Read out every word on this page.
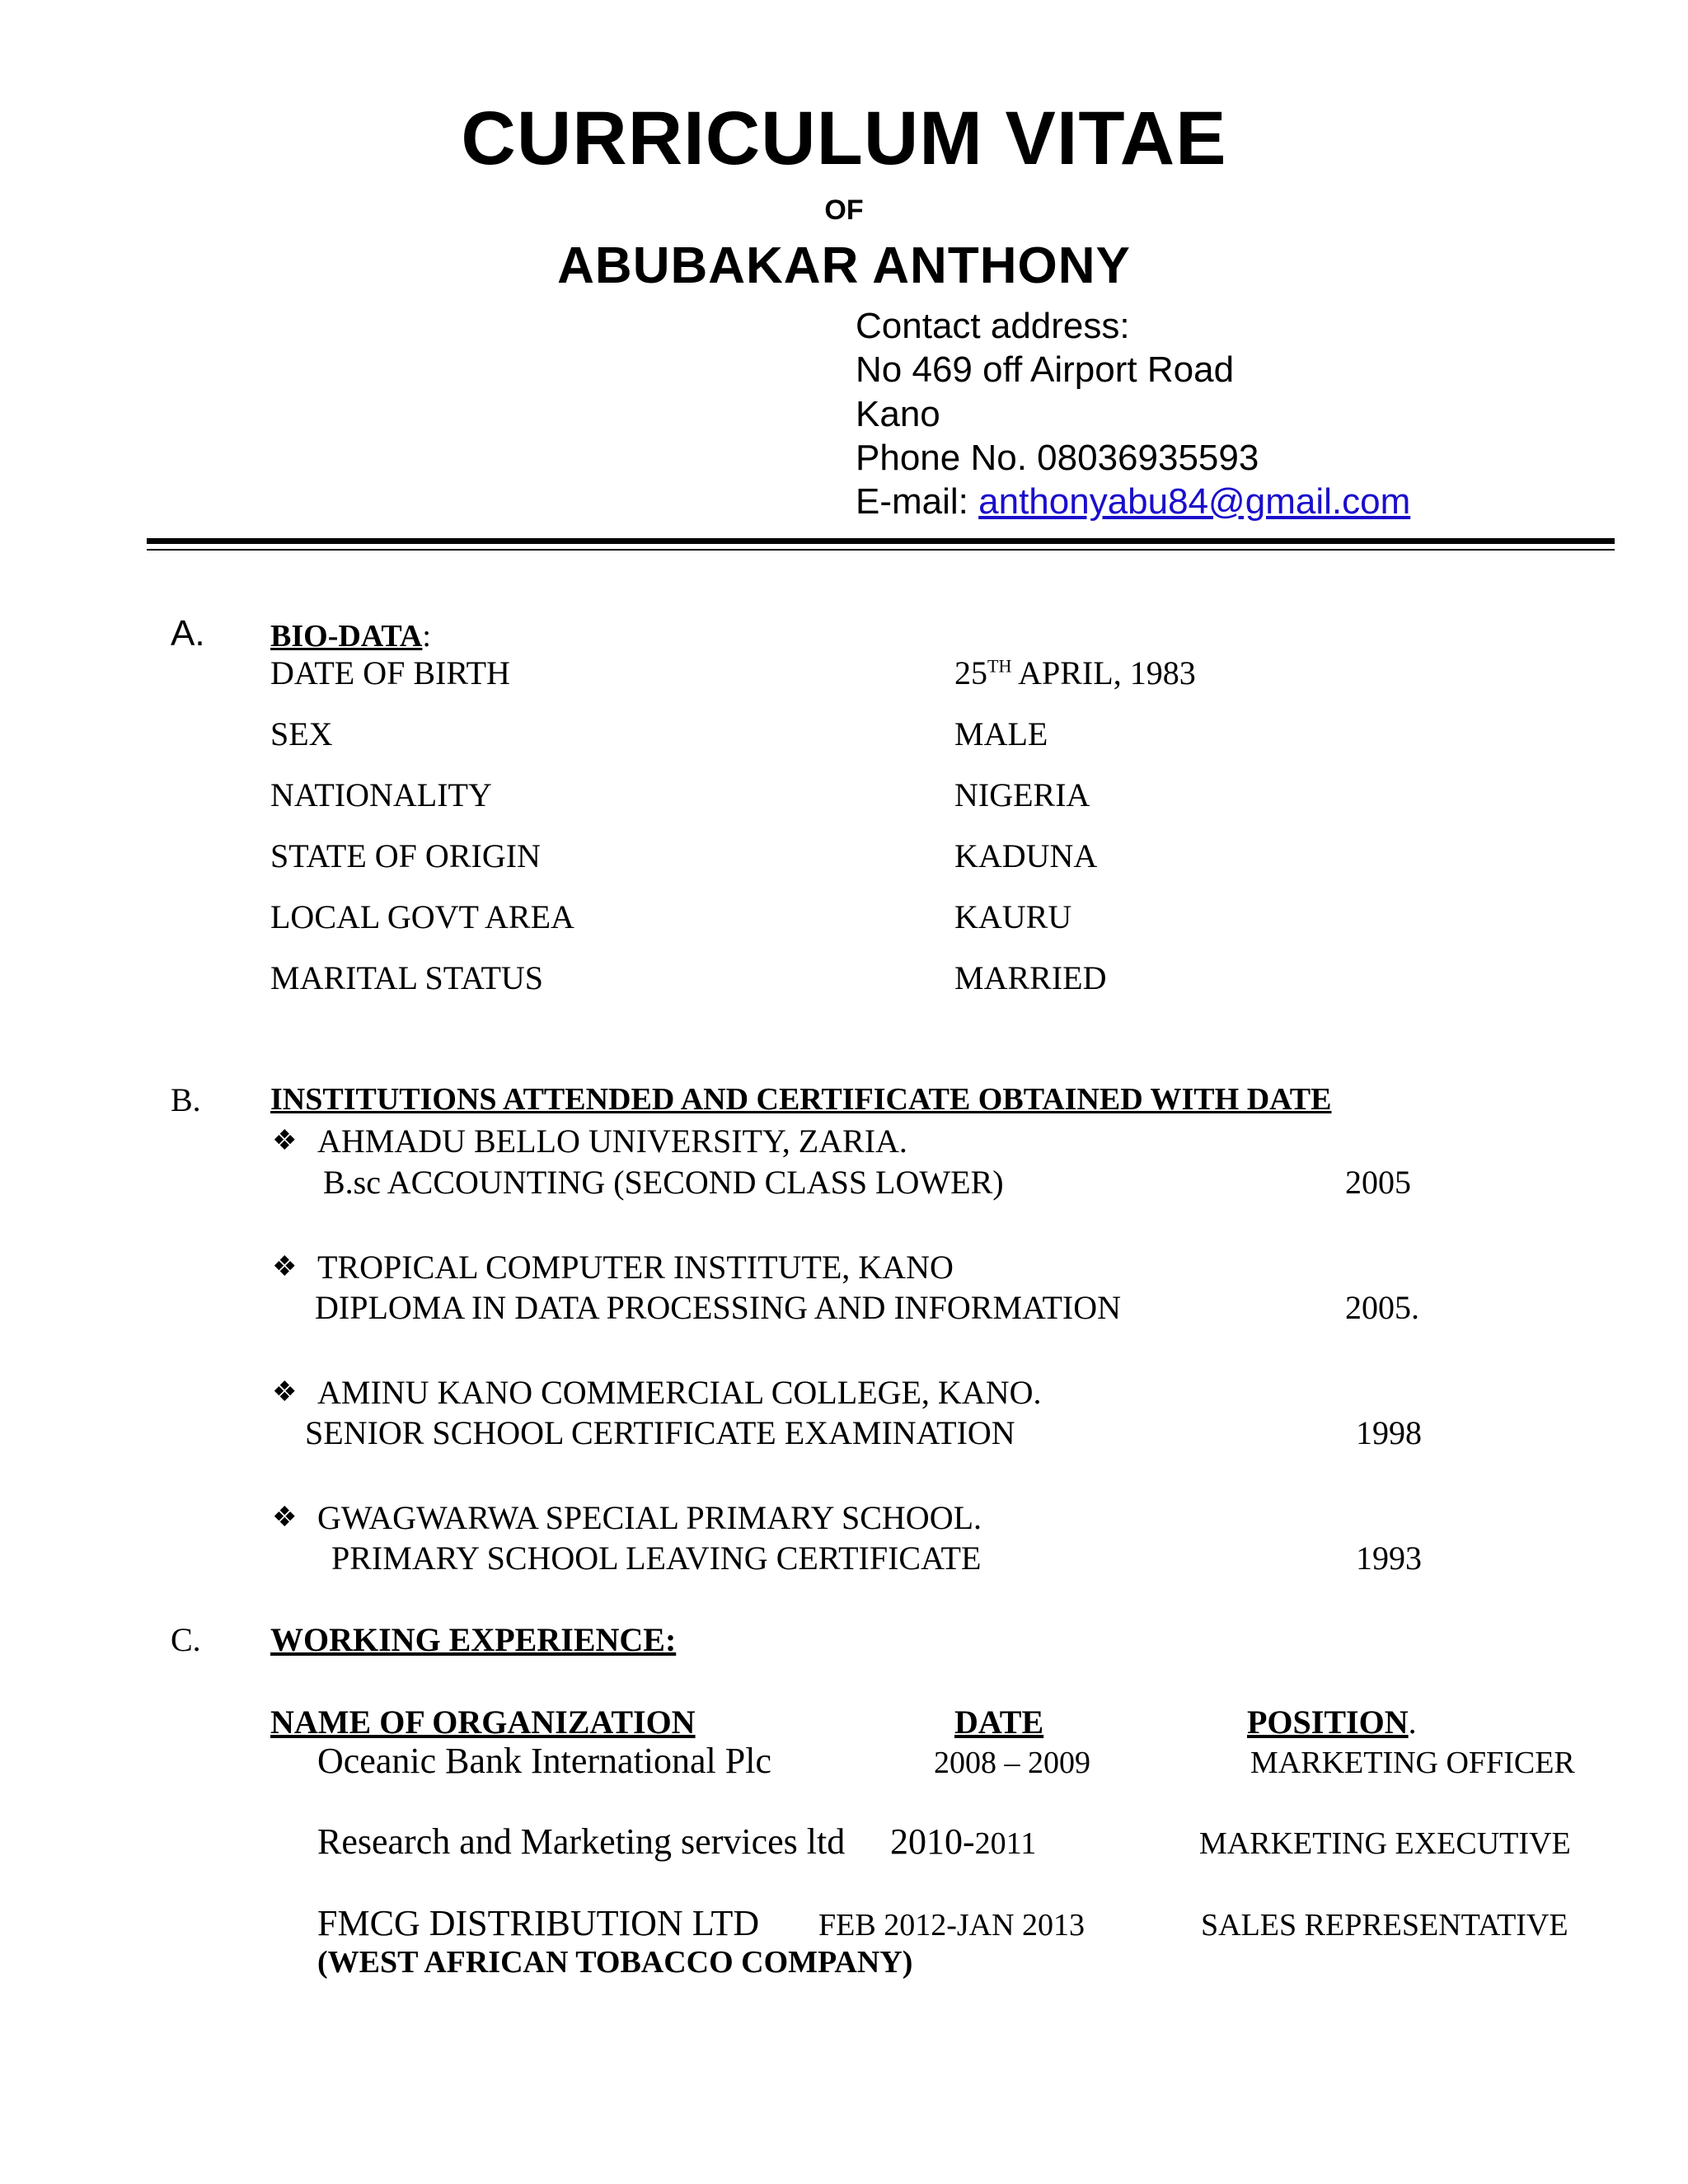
CURRICULUM VITAE
OF
ABUBAKAR ANTHONY
Contact address:
No 469 off Airport Road
Kano
Phone No. 08036935593
E-mail: anthonyabu84@gmail.com
A. BIO-DATA:
DATE OF BIRTH	25TH APRIL, 1983
SEX	MALE
NATIONALITY	NIGERIA
STATE OF ORIGIN	KADUNA
LOCAL GOVT AREA	KAURU
MARITAL STATUS	MARRIED
B. INSTITUTIONS ATTENDED AND CERTIFICATE OBTAINED WITH DATE
❖ AHMADU BELLO UNIVERSITY, ZARIA.
B.sc ACCOUNTING (SECOND CLASS LOWER)	2005
❖ TROPICAL COMPUTER INSTITUTE, KANO
DIPLOMA IN DATA PROCESSING AND INFORMATION	2005.
❖ AMINU KANO COMMERCIAL COLLEGE, KANO.
SENIOR SCHOOL CERTIFICATE EXAMINATION	1998
❖ GWAGWARWA SPECIAL PRIMARY SCHOOL.
PRIMARY SCHOOL LEAVING CERTIFICATE	1993
C. WORKING EXPERIENCE:
NAME OF ORGANIZATION	DATE	POSITION.
Oceanic Bank International Plc	2008 – 2009	MARKETING OFFICER
Research and Marketing services ltd 2010-2011	MARKETING EXECUTIVE
FMCG DISTRIBUTION LTD FEB 2012-JAN 2013	SALES REPRESENTATIVE
(WEST AFRICAN TOBACCO COMPANY)
